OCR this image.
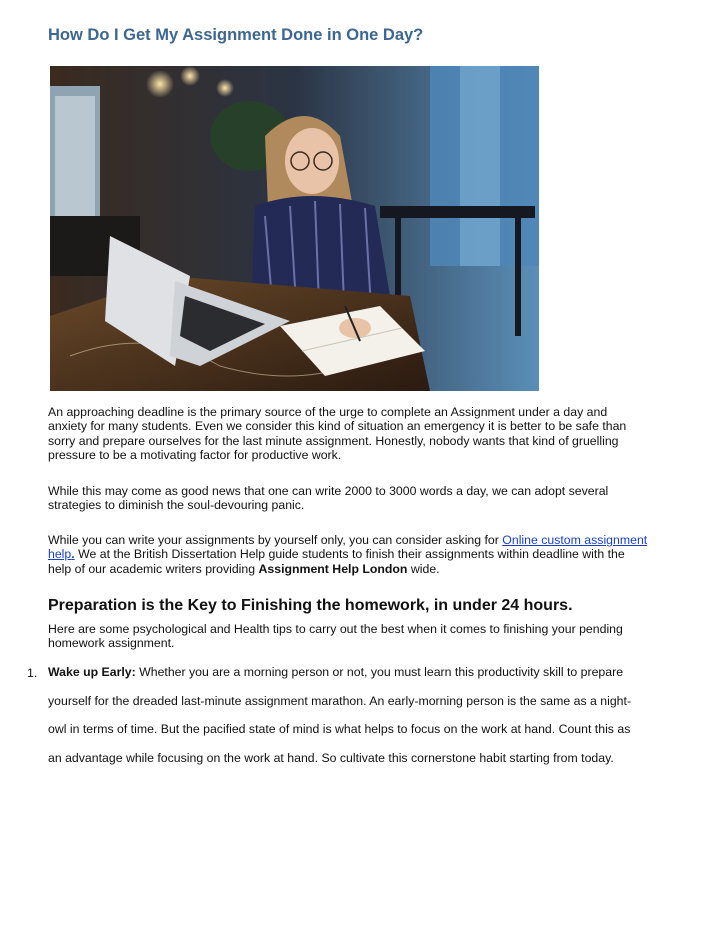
How Do I Get My Assignment Done in One Day?

An approaching deadline is the primary source of the urge to complete an Assignment under a day and anxiety for many students. Even we consider this kind of situation an emergency it is better to be safe than sorry and prepare ourselves for the last minute assignment. Honestly, nobody wants that kind of gruelling pressure to be a motivating factor for productive work.

While this may come as good news that one can write 2000 to 3000 words a day, we can adopt several strategies to diminish the soul-devouring panic.

While you can write your assignments by yourself only, you can consider asking for Online custom assignment help. We at the British Dissertation Help guide students to finish their assignments within deadline with the help of our academic writers providing Assignment Help London wide.

Preparation is the Key to Finishing the homework, in under 24 hours.

Here are some psychological and Health tips to carry out the best when it comes to finishing your pending homework assignment.

1. Wake up Early: Whether you are a morning person or not, you must learn this productivity skill to prepare yourself for the dreaded last-minute assignment marathon. An early-morning person is the same as a night-owl in terms of time. But the pacified state of mind is what helps to focus on the work at hand. Count this as an advantage while focusing on the work at hand. So cultivate this cornerstone habit starting from today.
